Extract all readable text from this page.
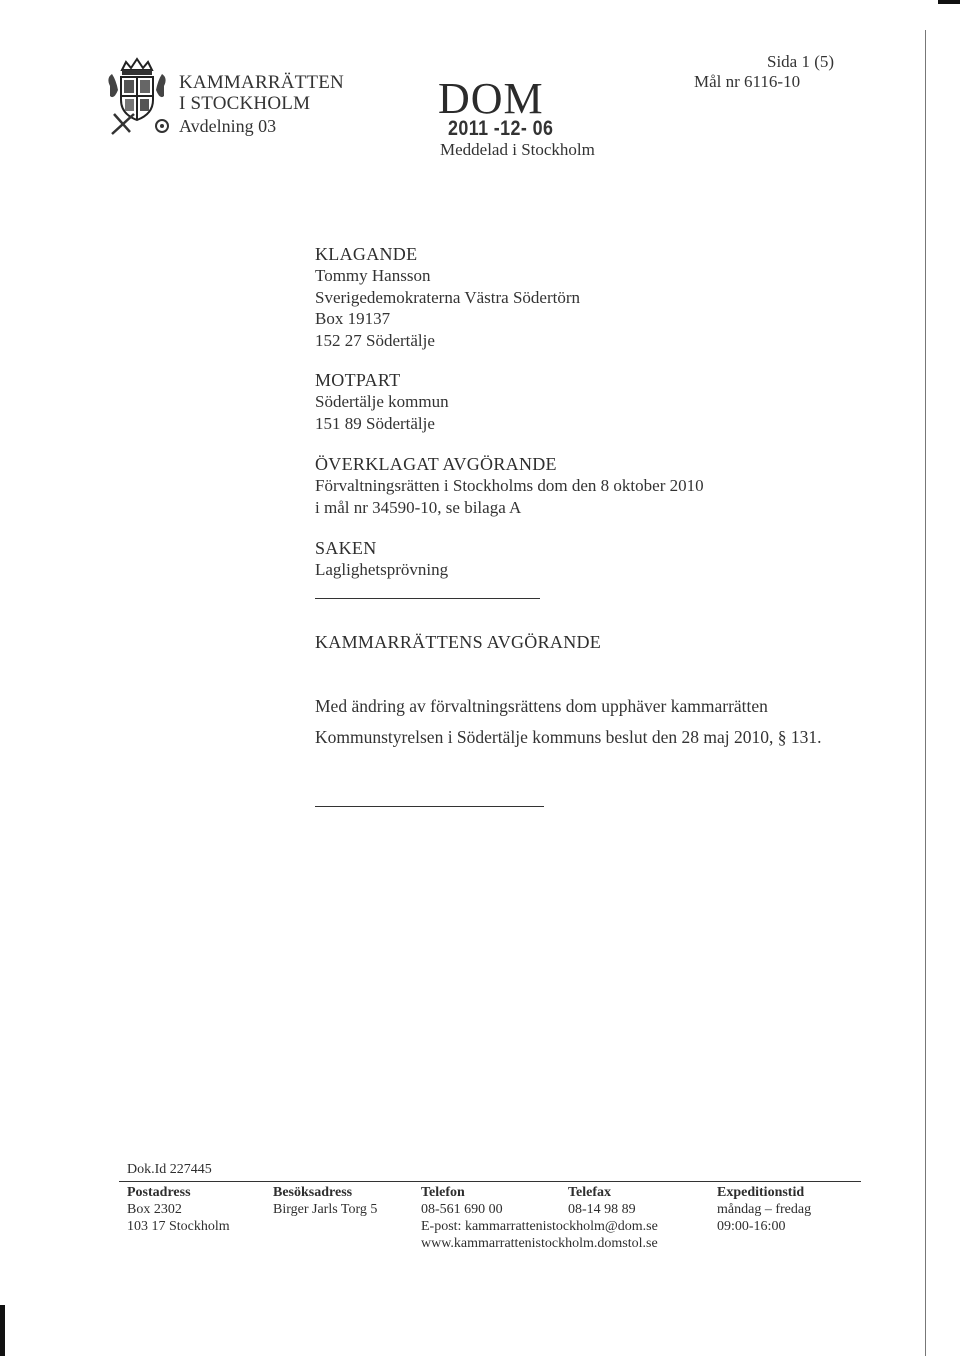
KAMMARRÄTTEN
I STOCKHOLM
Avdelning 03
DOM
2011 -12- 06
Meddelad i Stockholm
Sida 1 (5)
Mål nr 6116-10
KLAGANDE
Tommy Hansson
Sverigedemokraterna Västra Södertörn
Box 19137
152 27 Södertälje
MOTPART
Södertälje kommun
151 89 Södertälje
ÖVERKLAGAT AVGÖRANDE
Förvaltningsrätten i Stockholms dom den 8 oktober 2010
i mål nr 34590-10, se bilaga A
SAKEN
Laglighetsprövning
KAMMARRÄTTENS AVGÖRANDE
Med ändring av förvaltningsrättens dom upphäver kammarrätten
Kommunstyrelsen i Södertälje kommuns beslut den 28 maj 2010, § 131.
Dok.Id 227445
Postadress
Box 2302
103 17 Stockholm
Besöksadress
Birger Jarls Torg 5
Telefon
08-561 690 00
E-post: kammarrattenistockholm@dom.se
www.kammarrattenistockholm.domstol.se
Telefax
08-14 98 89
Expeditionstid
måndag – fredag
09:00-16:00
